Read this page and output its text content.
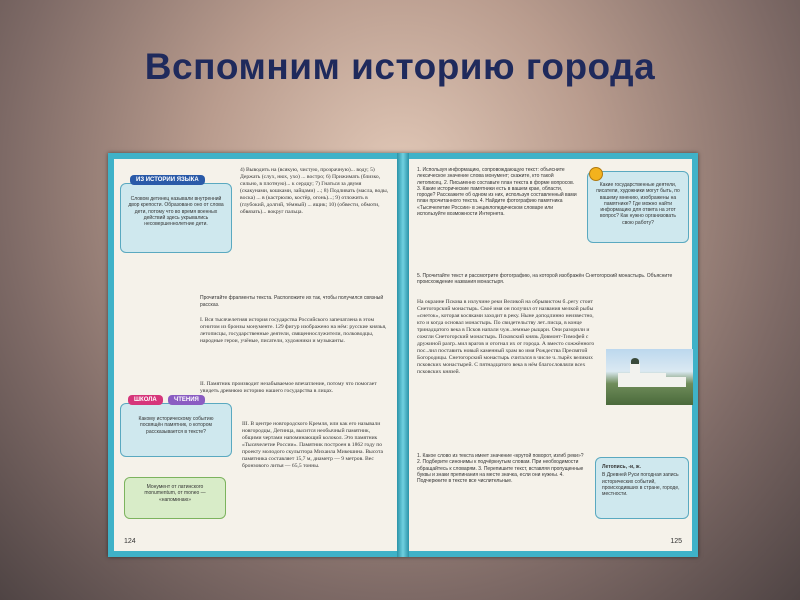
Вспомним историю города
Словом детинец называли внутренний двор крепости. Образовано оно от слова дети, потому что во время военных действий здесь укрывались несовершеннолетние дети.
ИЗ ИСТОРИИ ЯЗЫКА
4) Выводить на (всякую, чистую, прозрачную)... воду; 5) Держать (слух, нюх, ухо) ... востро; 6) Прижимать (близко, сильно, в плотную)... к сердцу; 7) Гнаться за двумя (скакунами, кошками, зайцами) ...; 8) Подливать (масла, воды, воска) ... в (кастрюлю, костёр, огонь)...; 9) отложить в (глубокий, долгий, тёмный) ... ящик; 10) (обвести, обмоти, обвязать)... вокруг пальца.
Прочитайте фрагменты текста. Расположите их так, чтобы получился связный рассказ.
I. Вся тысячелетняя история государства Российского запечатлена в этом огнитом из бронзы монументе. 129 фигур изображено на нём: русские князья, летописцы, государственные деятели, священнослужители, полководцы, народные герои, учёные, писатели, художники и музыканты.
II. Памятник производит незабываемое впечатление, потому что помогает увидеть древнюю историю нашего государства в лицах.
III. В центре новгородского Кремля, или как его называли новгородцы, Детинца, высится необычный памятник, общими чертами напоминающий колокол. Это памятник «Тысячелетие России». Памятник построен в 1862 году по проекту молодого скульптора Михаила Микешина. Высота памятника составляет 15,7 м, диаметр — 9 метров. Вес бронзового литья — 65,5 тонны.
Какому историческому событию посвящён памятник, о котором рассказывается в тексте?
ШКОЛА	ЧТЕНИЯ
Монумент от латинского monumentum, от moneo — «напоминаю»
124
1. Используя информацию, сопровождающую текст: объясните лексическое значение слова монумент; скажите, кто такой летописец. 2. Письменно составьте план текста в форме вопросов. 3. Какие исторические памятники есть в вашем крае, области, городе? Расскажите об одном из них, используя составленный вами план прочитанного текста. 4. Найдите фотографию памятника «Тысячелетие России» в энциклопедическом словаре или используйте возможности Интернета.
Какие государственные деятели, писатели, художники могут быть, по вашему мнению, изображены на памятнике? Где можно найти информацию для ответа на этот вопрос? Как нужно организовать свою работу?
5. Прочитайте текст и рассмотрите фотографию, на которой изображён Снетогорский монастырь. Объясните происхождение названия монастыря.
На окраине Пскова в излучине реки Великой на обрывистом б..регу стоит Снетогорский монастырь. Своё имя он получил от названия мелкой рыбы «снеток», которая косяками заходит в реку. Ныне доподлинно неизвестно, кто и когда основал монастырь. По свидетельству лет..писца, в конце тринадцатого века в Псков напали чуж..земные рыцари. Они разорили и сожгли Снетогорский монастырь. Псковский князь Довмонт-Тимофей с дружиной разгр..мил врагов и отогнал их от города. А вместо сожжённого пос..лил поставить новый каменный храм во имя Рождества Пресвятой Богородицы. Снетогорский монастырь считался в числе ч..тырёх великих псковских монастырей. С пятнадцатого века в нём благословляли всех псковских князей.
1. Какое слово из текста имеет значение «крутой поворот, изгиб реки»? 2. Подберите синонимы к подчёркнутым словам. При необходимости обращайтесь к словарям. 3. Перепишите текст, вставляя пропущенные буквы и знаки препинания на месте значка, если они нужны. 4. Подчеркните в тексте все числительные.
Летопись, -и, ж.
В Древней Руси погодная запись исторических событий, происходивших в стране, городе, местности.
125
